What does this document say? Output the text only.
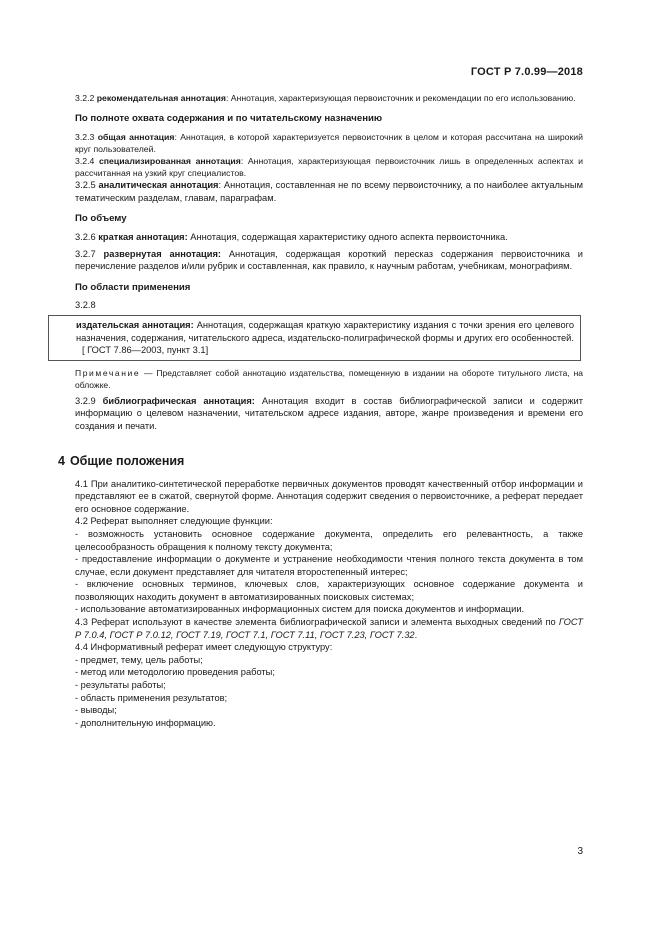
ГОСТ Р 7.0.99—2018

3.2.2 рекомендательная аннотация: Аннотация, характеризующая первоисточник и рекомендации по его использованию.

По полноте охвата содержания и по читательскому назначению

3.2.3 общая аннотация: Аннотация, в которой характеризуется первоисточник в целом и которая рассчитана на широкий круг пользователей.

3.2.4 специализированная аннотация: Аннотация, характеризующая первоисточник лишь в определенных аспектах и рассчитанная на узкий круг специалистов.

3.2.5 аналитическая аннотация: Аннотация, составленная не по всему первоисточнику, а по наиболее актуальным тематическим разделам, главам, параграфам.

По объему

3.2.6 краткая аннотация: Аннотация, содержащая характеристику одного аспекта первоисточника.

3.2.7 развернутая аннотация: Аннотация, содержащая короткий пересказ содержания первоисточника и перечисление разделов и/или рубрик и составленная, как правило, к научным работам, учебникам, монографиям.

По области применения
3.2.8

издательская аннотация: Аннотация, содержащая краткую характеристику издания с точки зрения его целевого назначения, содержания, читательского адреса, издательско-полиграфической формы и других его особенностей.

[ ГОСТ 7.86—2003, пункт 3.1]

Примечание — Представляет собой аннотацию издательства, помещенную в издании на обороте титульного листа, на обложке.

3.2.9 библиографическая аннотация: Аннотация входит в состав библиографической записи и содержит информацию о целевом назначении, читательском адресе издания, авторе, жанре произведения и времени его создания и печати.

4 Общие положения

4.1 При аналитико-синтетической переработке первичных документов проводят качественный отбор информации и представляют ее в сжатой, свернутой форме. Аннотация содержит сведения о первоисточнике, а реферат передает его основное содержание.

4.2 Реферат выполняет следующие функции:

- возможность установить основное содержание документа, определить его релевантность, а также целесообразность обращения к полному тексту документа;

- предоставление информации о документе и устранение необходимости чтения полного текста документа в том случае, если документ представляет для читателя второстепенный интерес;

- включение основных терминов, ключевых слов, характеризующих основное содержание документа и позволяющих находить документ в автоматизированных поисковых системах;

- использование автоматизированных информационных систем для поиска документов и информации.

4.3 Реферат используют в качестве элемента библиографической записи и элемента выходных сведений по ГОСТ Р 7.0.4, ГОСТ Р 7.0.12, ГОСТ 7.19, ГОСТ 7.1, ГОСТ 7.11, ГОСТ 7.23, ГОСТ 7.32.

4.4 Информативный реферат имеет следующую структуру:

- предмет, тему, цель работы;

- метод или методологию проведения работы;

- результаты работы;

- область применения результатов;

- выводы;

- дополнительную информацию.

3
